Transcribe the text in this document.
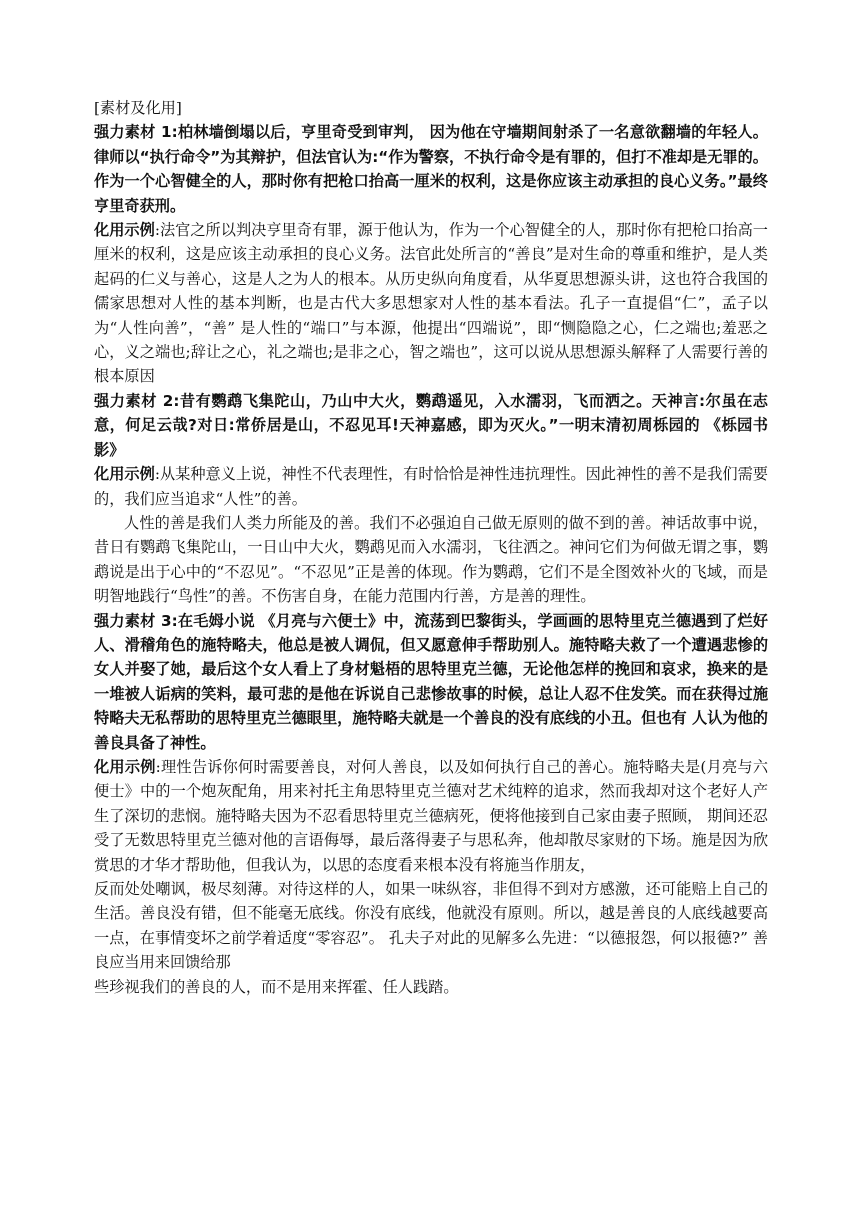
[素材及化用]

强力素材 1:柏林墙倒塌以后，亨里奇受到审判， 因为他在守墙期间射杀了一名意欲翻墙的年轻人。律师以“执行命令”为其辩护，但法官认为:“作为警察，不执行命令是有罪的，但打不准却是无罪的。作为一个心智健全的人，那时你有把枪口抬高一厘米的权利，这是你应该主动承担的良心义务。”最终亨里奇获刑。

化用示例:法官之所以判决亨里奇有罪，源于他认为，作为一个心智健全的人，那时你有把枪口抬高一厘米的权利，这是应该主动承担的良心义务。法官此处所言的“善良”是对生命的尊重和维护，是人类起码的仁义与善心，这是人之为人的根本。从历史纵向角度看，从华夏思想源头讲，这也符合我国的儒家思想对人性的基本判断，也是古代大多思想家对人性的基本看法。孔子一直提倡“仁”，孟子以为“人性向善”，“善” 是人性的“端口”与本源，他提出“四端说”，即“恻隐隐之心，仁之端也;羞恶之心，义之端也;辞让之心，礼之端也;是非之心，智之端也”，这可以说从思想源头解释了人需要行善的根本原因

强力素材 2:昔有鹦鹉飞集陀山，乃山中大火，鹦鹉遥见，入水濡羽，飞而洒之。天神言:尔虽在志意，何足云哉?对日:常侨居是山，不忍见耳!天神嘉感，即为灭火。”一明末清初周栎园的 《栎园书影》

化用示例:从某种意义上说，神性不代表理性，有时恰恰是神性违抗理性。因此神性的善不是我们需要的，我们应当追求“人性”的善。

人性的善是我们人类力所能及的善。我们不必强迫自己做无原则的做不到的善。神话故事中说，昔日有鹦鹉飞集陀山，一日山中大火，鹦鹉见而入水濡羽，飞往洒之。神问它们为何做无谓之事，鹦鹉说是出于心中的“不忍见”。“不忍见”正是善的体现。作为鹦鹉，它们不是全图效补火的飞域，而是明智地践行“鸟性”的善。不伤害自身，在能力范围内行善，方是善的理性。

强力素材 3:在毛姆小说 《月亮与六便士》中，流荡到巴黎街头，学画画的思特里克兰德遇到了烂好人、滑稽角色的施特略夫，他总是被人调侃，但又愿意伸手帮助别人。施特略夫救了一个遭遇悲惨的女人并娶了她，最后这个女人看上了身材魁梧的思特里克兰德，无论他怎样的挽回和哀求，换来的是一堆被人诟病的笑料，最可悲的是他在诉说自己悲惨故事的时候，总让人忍不住发笑。而在获得过施特略夫无私帮助的思特里克兰德眼里，施特略夫就是一个善良的没有底线的小丑。但也有 人认为他的善良具备了神性。

化用示例:理性告诉你何时需要善良，对何人善良，以及如何执行自己的善心。施特略夫是(月亮与六便士》中的一个炮灰配角，用来衬托主角思特里克兰德对艺术纯粹的追求，然而我却对这个老好人产生了深切的悲悯。施特略夫因为不忍看思特里克兰德病死，便将他接到自己家由妻子照顾， 期间还忍受了无数思特里克兰德对他的言语侮辱，最后落得妻子与思私奔，他却散尽家财的下场。施是因为欣赏思的才华才帮助他，但我认为，以思的态度看来根本没有将施当作朋友，

反而处处嘲讽，极尽刻薄。对待这样的人，如果一味纵容，非但得不到对方感激，还可能赔上自己的生活。善良没有错，但不能毫无底线。你没有底线，他就没有原则。所以，越是善良的人底线越要高一点，在事情变坏之前学着适度“零容忍”。 孔夫子对此的见解多么先进：“以德报怨，何以报德?” 善良应当用来回馈给那

些珍视我们的善良的人，而不是用来挥霍、任人践踏。
